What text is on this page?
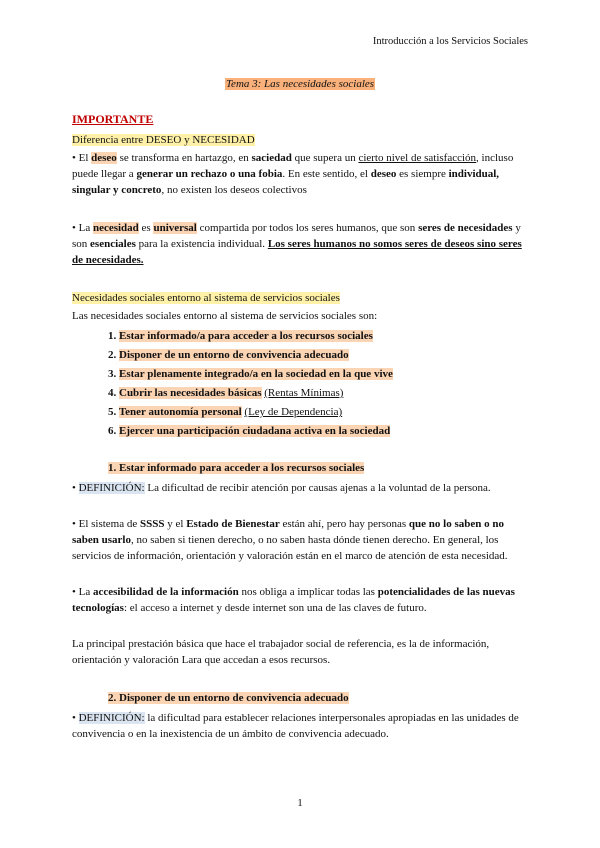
Introducción a los Servicios Sociales
Tema 3: Las necesidades sociales
IMPORTANTE
Diferencia entre DESEO y NECESIDAD
• El deseo se transforma en hartazgo, en saciedad que supera un cierto nivel de satisfacción, incluso puede llegar a generar un rechazo o una fobia. En este sentido, el deseo es siempre individual, singular y concreto, no existen los deseos colectivos
• La necesidad es universal compartida por todos los seres humanos, que son seres de necesidades y son esenciales para la existencia individual. Los seres humanos no somos seres de deseos sino seres de necesidades.
Necesidades sociales entorno al sistema de servicios sociales
Las necesidades sociales entorno al sistema de servicios sociales son:
1. Estar informado/a para acceder a los recursos sociales
2. Disponer de un entorno de convivencia adecuado
3. Estar plenamente integrado/a en la sociedad en la que vive
4. Cubrir las necesidades básicas (Rentas Mínimas)
5. Tener autonomía personal (Ley de Dependencia)
6. Ejercer una participación ciudadana activa en la sociedad
1. Estar informado para acceder a los recursos sociales
• DEFINICIÓN: La dificultad de recibir atención por causas ajenas a la voluntad de la persona.
• El sistema de SSSS y el Estado de Bienestar están ahí, pero hay personas que no lo saben o no saben usarlo, no saben si tienen derecho, o no saben hasta dónde tienen derecho. En general, los servicios de información, orientación y valoración están en el marco de atención de esta necesidad.
• La accesibilidad de la información nos obliga a implicar todas las potencialidades de las nuevas tecnologías: el acceso a internet y desde internet son una de las claves de futuro.
La principal prestación básica que hace el trabajador social de referencia, es la de información, orientación y valoración Lara que accedan a esos recursos.
2. Disponer de un entorno de convivencia adecuado
• DEFINICIÓN: la dificultad para establecer relaciones interpersonales apropiadas en las unidades de convivencia o en la inexistencia de un ámbito de convivencia adecuado.
1
